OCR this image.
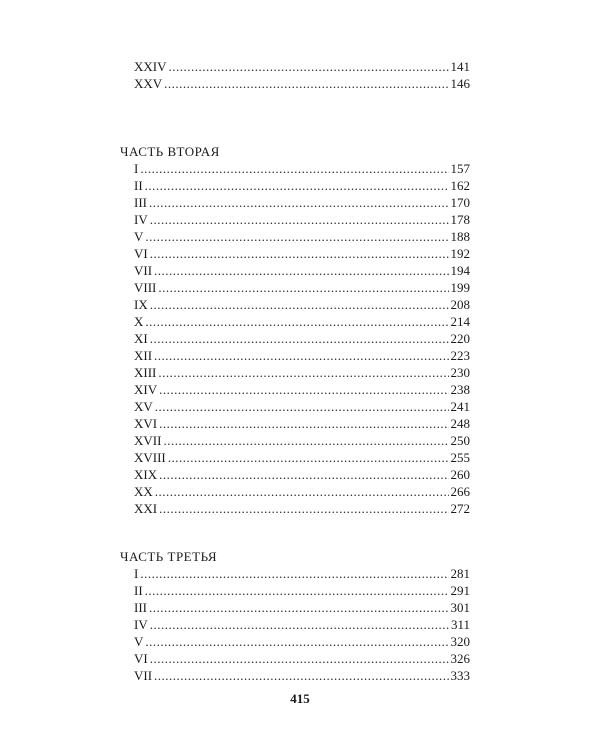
XXIV .....	141
XXV .....	146
ЧАСТЬ ВТОРАЯ
I .....	157
II .....	162
III .....	170
IV .....	178
V .....	188
VI .....	192
VII .....	194
VIII .....	199
IX .....	208
X .....	214
XI .....	220
XII .....	223
XIII .....	230
XIV .....	238
XV .....	241
XVI .....	248
XVII .....	250
XVIII .....	255
XIX .....	260
XX .....	266
XXI .....	272
ЧАСТЬ ТРЕТЬЯ
I .....	281
II .....	291
III .....	301
IV .....	311
V .....	320
VI .....	326
VII .....	333
415
